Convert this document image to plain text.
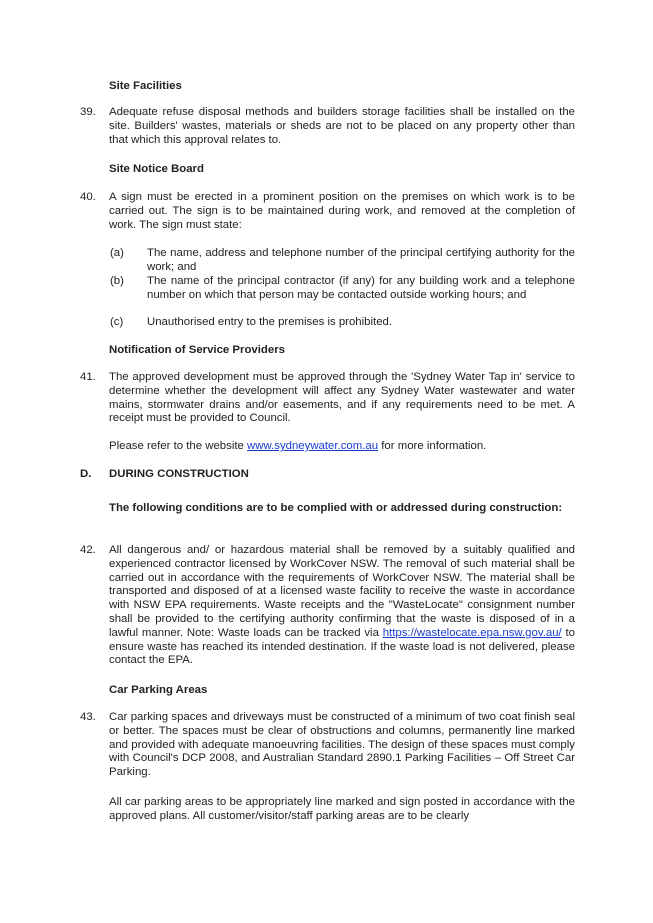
Site Facilities
39. Adequate refuse disposal methods and builders storage facilities shall be installed on the site. Builders' wastes, materials or sheds are not to be placed on any property other than that which this approval relates to.
Site Notice Board
40. A sign must be erected in a prominent position on the premises on which work is to be carried out. The sign is to be maintained during work, and removed at the completion of work. The sign must state:
(a) The name, address and telephone number of the principal certifying authority for the work; and
(b) The name of the principal contractor (if any) for any building work and a telephone number on which that person may be contacted outside working hours; and
(c) Unauthorised entry to the premises is prohibited.
Notification of Service Providers
41. The approved development must be approved through the 'Sydney Water Tap in' service to determine whether the development will affect any Sydney Water wastewater and water mains, stormwater drains and/or easements, and if any requirements need to be met. A receipt must be provided to Council.
Please refer to the website www.sydneywater.com.au for more information.
D. DURING CONSTRUCTION
The following conditions are to be complied with or addressed during construction:
42. All dangerous and/ or hazardous material shall be removed by a suitably qualified and experienced contractor licensed by WorkCover NSW. The removal of such material shall be carried out in accordance with the requirements of WorkCover NSW. The material shall be transported and disposed of at a licensed waste facility to receive the waste in accordance with NSW EPA requirements. Waste receipts and the "WasteLocate" consignment number shall be provided to the certifying authority confirming that the waste is disposed of in a lawful manner. Note: Waste loads can be tracked via https://wastelocate.epa.nsw.gov.au/ to ensure waste has reached its intended destination. If the waste load is not delivered, please contact the EPA.
Car Parking Areas
43. Car parking spaces and driveways must be constructed of a minimum of two coat finish seal or better. The spaces must be clear of obstructions and columns, permanently line marked and provided with adequate manoeuvring facilities. The design of these spaces must comply with Council's DCP 2008, and Australian Standard 2890.1 Parking Facilities – Off Street Car Parking.
All car parking areas to be appropriately line marked and sign posted in accordance with the approved plans. All customer/visitor/staff parking areas are to be clearly
